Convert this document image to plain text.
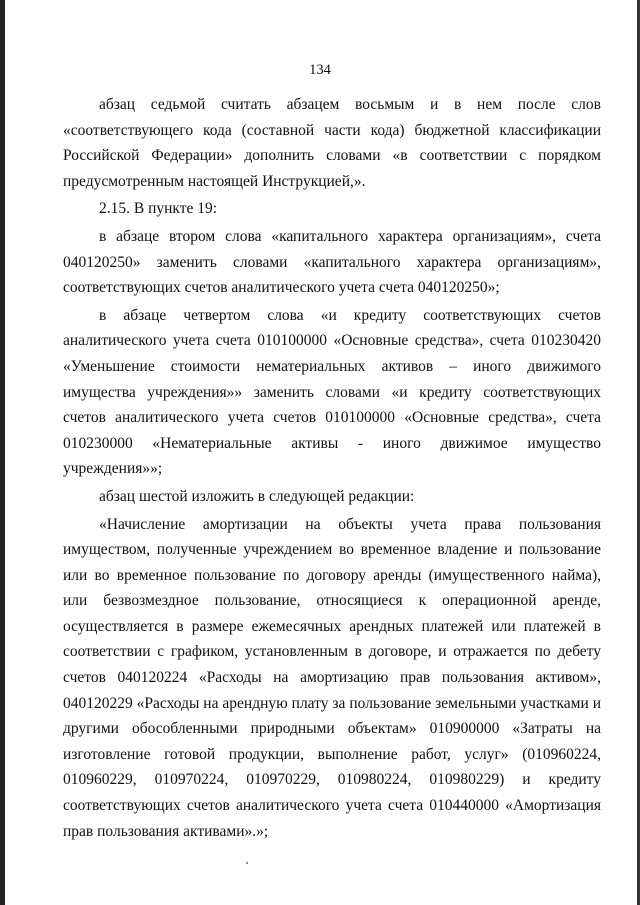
134

абзац седьмой считать абзацем восьмым и в нем после слов «соответствующего кода (составной части кода) бюджетной классификации Российской Федерации» дополнить словами «в соответствии с порядком предусмотренным настоящей Инструкцией,».

2.15. В пункте 19:

в абзаце втором слова «капитального характера организациям», счета 040120250» заменить словами «капитального характера организациям», соответствующих счетов аналитического учета счета 040120250»;

в абзаце четвертом слова «и кредиту соответствующих счетов аналитического учета счета 010100000 «Основные средства», счета 010230420 «Уменьшение стоимости нематериальных активов – иного движимого имущества учреждения»» заменить словами «и кредиту соответствующих счетов аналитического учета счетов 010100000 «Основные средства», счета 010230000 «Нематериальные активы - иного движимое имущество учреждения»»;

абзац шестой изложить в следующей редакции:

«Начисление амортизации на объекты учета права пользования имуществом, полученные учреждением во временное владение и пользование или во временное пользование по договору аренды (имущественного найма), или безвозмездное пользование, относящиеся к операционной аренде, осуществляется в размере ежемесячных арендных платежей или платежей в соответствии с графиком, установленным в договоре, и отражается по дебету счетов 040120224 «Расходы на амортизацию прав пользования активом», 040120229 «Расходы на арендную плату за пользование земельными участками и другими обособленными природными объектам» 010900000 «Затраты на изготовление готовой продукции, выполнение работ, услуг» (010960224, 010960229, 010970224, 010970229, 010980224, 010980229) и кредиту соответствующих счетов аналитического учета счета 010440000 «Амортизация прав пользования активами».»;
